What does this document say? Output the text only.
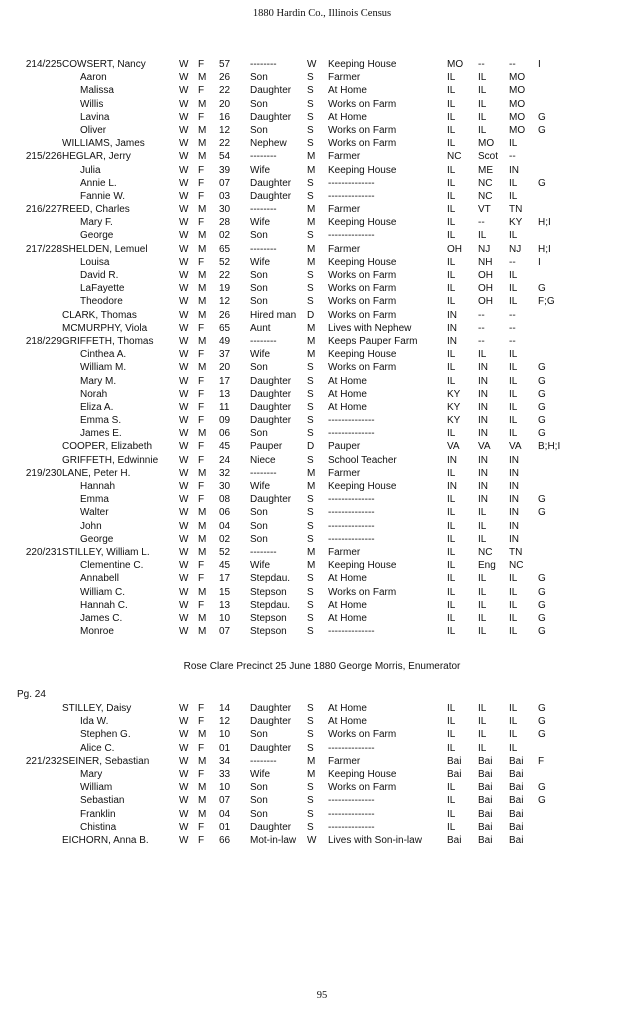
1880 Hardin Co., Illinois Census
214/225 COWSERT, Nancy	W F 57 --------	W Keeping House	MO -- -- I
Aaron	W M 26 Son	S Farmer	IL IL MO
Malissa	W F 22 Daughter S At Home	IL IL MO
Willis	W M 20 Son	S Works on Farm	IL IL MO
Lavina	W F 16 Daughter S At Home	IL IL MO G
Oliver	W M 12 Son	S Works on Farm	IL IL MO G
WILLIAMS, James	W M 22 Nephew S Works on Farm	IL MO IL
215/226 HEGLAR, Jerry	W M 54 --------	M Farmer	NC Scot --
Julia	W F 39 Wife	M Keeping House	IL ME IN
Annie L.	W F 07 Daughter S --------------	IL NC IL G
Fannie W.	W F 03 Daughter S --------------	IL NC IL
216/227 REED, Charles	W M 30 --------	M Farmer	IL VT TN
Mary F.	W F 28 Wife	M Keeping House	IL -- KY H;I
George	W M 02 Son	S --------------	IL IL IL
217/228 SHELDEN, Lemuel	W M 65 --------	M Farmer	OH NJ NJ H;I
Louisa	W F 52 Wife	M Keeping House	IL NH -- I
David R.	W M 22 Son	S Works on Farm	IL OH IL
LaFayette	W M 19 Son	S Works on Farm	IL OH IL G
Theodore	W M 12 Son	S Works on Farm	IL OH IL F;G
CLARK, Thomas	W M 26 Hired man D Works on Farm	IN -- --
MCMURPHY, Viola	W F 65 Aunt	M Lives with Nephew	IN -- --
218/229 GRIFFETH, Thomas	W M 49 --------	M Keeps Pauper Farm	IN -- --
Cinthea A.	W F 37 Wife	M Keeping House	IL IL IL
William M.	W M 20 Son	S Works on Farm	IL IN IL G
Mary M.	W F 17 Daughter S At Home	IL IN IL G
Norah	W F 13 Daughter S At Home	KY IN IL G
Eliza A.	W F 11 Daughter S At Home	KY IN IL G
Emma S.	W F 09 Daughter S --------------	KY IN IL G
James E.	W M 06 Son	S --------------	IL IN IL G
COOPER, Elizabeth	W F 45 Pauper D Pauper	VA VA VA B;H;I
GRIFFETH, Edwinnie W F 24 Niece	S School Teacher	IN IN IN
219/230 LANE, Peter H.	W M 32 --------	M Farmer	IL IN IN
Hannah	W F 30 Wife	M Keeping House	IN IN IN
Emma	W F 08 Daughter S --------------	IL IN IN G
Walter	W M 06 Son	S --------------	IL IL IN G
John	W M 04 Son	S --------------	IL IL IN
George	W M 02 Son	S --------------	IL IL IN
220/231 STILLEY, William L.	W M 52 --------	M Farmer	IL NC TN
Clementine C.	W F 45 Wife	M Keeping House	IL Eng NC
Annabell	W F 17 Stepdau. S At Home	IL IL IL G
William C.	W M 15 Stepson S Works on Farm	IL IL IL G
Hannah C.	W F 13 Stepdau. S At Home	IL IL IL G
James C.	W M 10 Stepson S At Home	IL IL IL G
Monroe	W M 07 Stepson S --------------	IL IL IL G
Rose Clare Precinct 25 June 1880 George Morris, Enumerator
Pg. 24
STILLEY, Daisy	W F 14 Daughter S At Home	IL IL IL G
Ida W.	W F 12 Daughter S At Home	IL IL IL G
Stephen G.	W M 10 Son	S Works on Farm	IL IL IL G
Alice C.	W F 01 Daughter S --------------	IL IL IL
221/232 SEINER, Sebastian	W M 34 --------	M Farmer	Bai Bai Bai F
Mary	W F 33 Wife	M Keeping House	Bai Bai Bai
William	W M 10 Son	S Works on Farm	IL Bai Bai G
Sebastian	W M 07 Son	S --------------	IL Bai Bai G
Franklin	W M 04 Son	S --------------	IL Bai Bai
Chistina	W F 01 Daughter S --------------	IL Bai Bai
EICHORN, Anna B.	W F 66 Mot-in-law W Lives with Son-in-law	Bai Bai Bai
95
